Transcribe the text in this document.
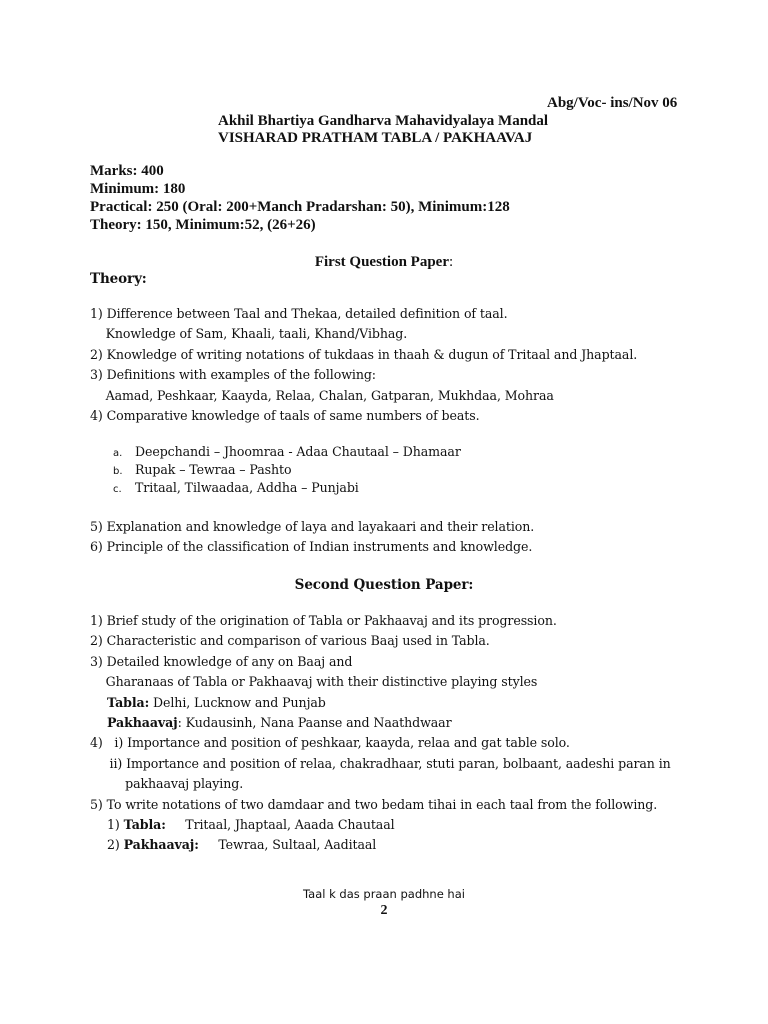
Abg/Voc- ins/Nov 06
Akhil Bhartiya Gandharva Mahavidyalaya Mandal
VISHARAD PRATHAM TABLA / PAKHAAVAJ
Marks: 400
Minimum: 180
Practical: 250 (Oral: 200+Manch Pradarshan: 50), Minimum:128
Theory: 150, Minimum:52, (26+26)
First Question Paper:
Theory:
1) Difference between Taal and Thekaa, detailed definition of taal.
Knowledge of Sam, Khaali, taali, Khand/Vibhag.
2) Knowledge of writing notations of tukdaas in thaah & dugun of Tritaal and Jhaptaal.
3) Definitions with examples of the following:
Aamad, Peshkaar, Kaayda, Relaa, Chalan, Gatparan, Mukhdaa, Mohraa
4) Comparative knowledge of taals of same numbers of beats.
a. Deepchandi – Jhoomraa - Adaa Chautaal – Dhamaar
b. Rupak – Tewraa – Pashto
c. Tritaal, Tilwaadaa, Addha – Punjabi
5) Explanation and knowledge of laya and layakaari and their relation.
6) Principle of the classification of Indian instruments and knowledge.
Second Question Paper:
1) Brief study of the origination of Tabla or Pakhaavaj and its progression.
2) Characteristic and comparison of various Baaj used in Tabla.
3) Detailed knowledge of any on Baaj and
Gharanaas of Tabla or Pakhaavaj with their distinctive playing styles
Tabla: Delhi, Lucknow and Punjab
Pakhaavaj: Kudausinh, Nana Paanse and Naathdwaar
4)   i) Importance and position of peshkaar, kaayda, relaa and gat table solo.
ii) Importance and position of relaa, chakradhaar, stuti paran, bolbaant, aadeshi paran in
pakhaavaj playing.
5) To write notations of two damdaar and two bedam tihai in each taal from the following.
1) Tabla:     Tritaal, Jhaptaal, Aaada Chautaal
2) Pakhaavaj:     Tewraa, Sultaal, Aaditaal
Taal k das praan padhne hai
2
